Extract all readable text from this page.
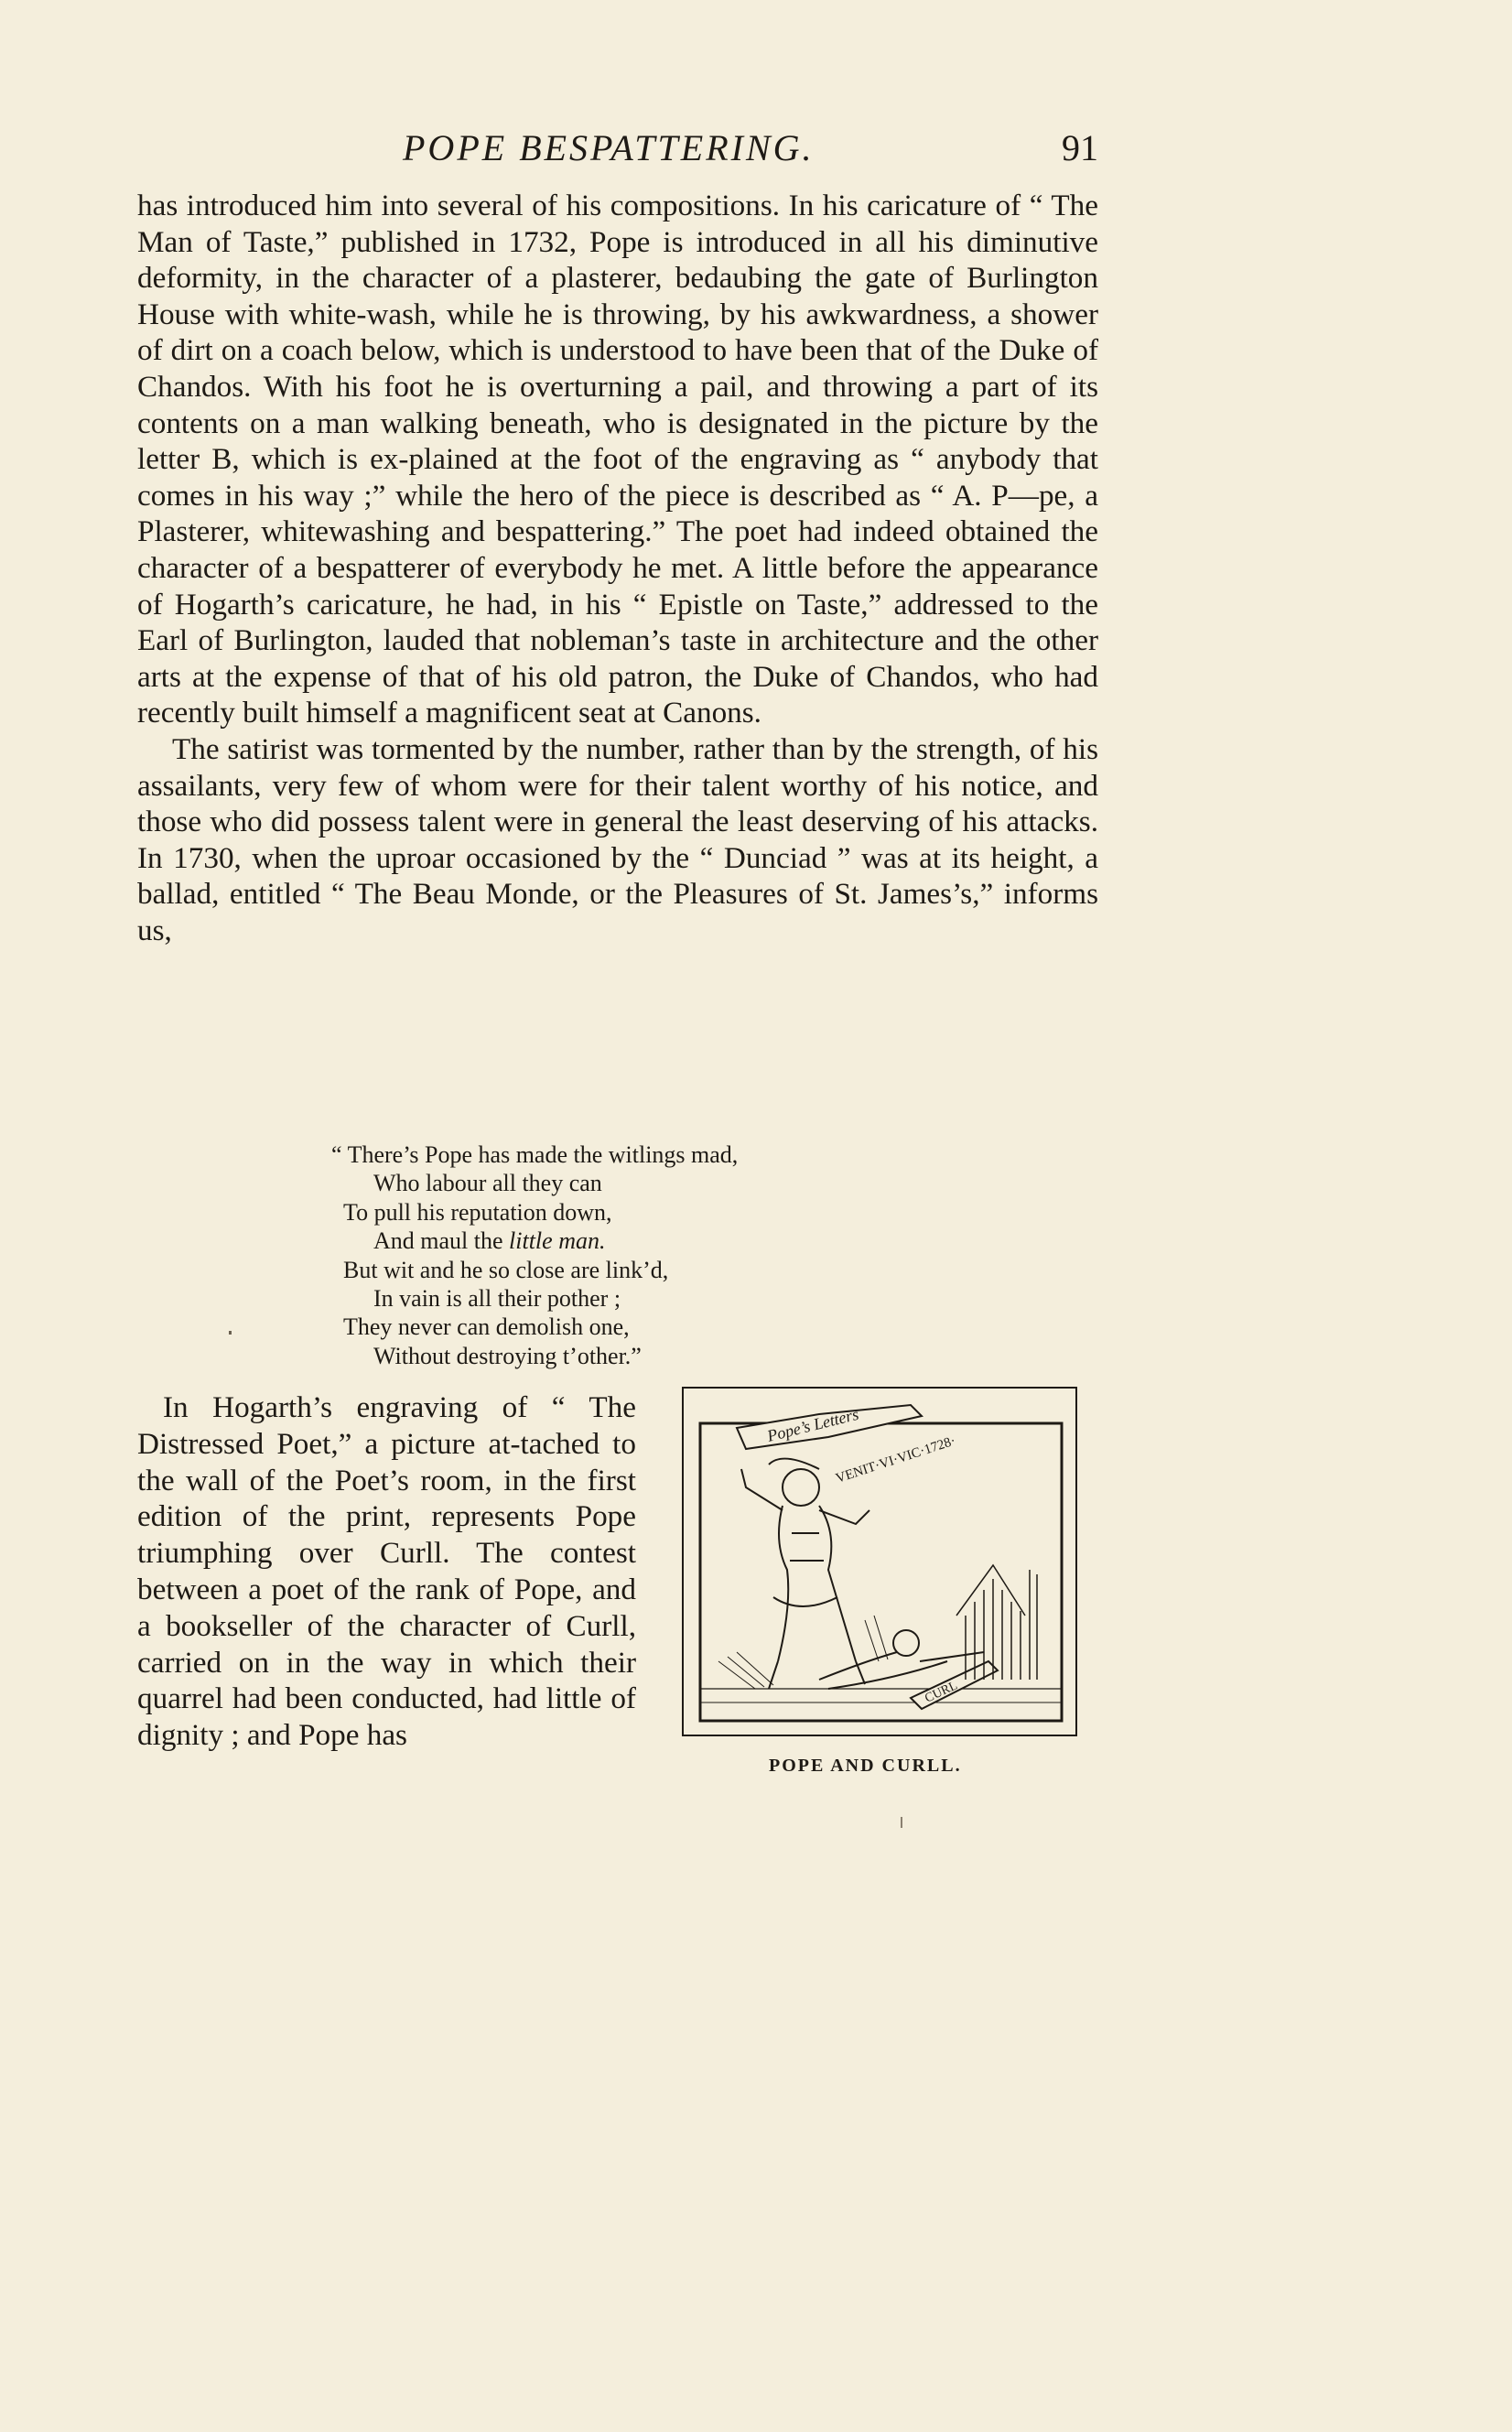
POPE BESPATTERING.	91

has introduced him into several of his compositions. In his caricature of “ The Man of Taste,” published in 1732, Pope is introduced in all his diminutive deformity, in the character of a plasterer, bedaubing the gate of Burlington House with white-wash, while he is throwing, by his awkwardness, a shower of dirt on a coach below, which is understood to have been that of the Duke of Chandos. With his foot he is overturning a pail, and throwing a part of its contents on a man walking beneath, who is designated in the picture by the letter B, which is ex-plained at the foot of the engraving as “ anybody that comes in his way ;” while the hero of the piece is described as “ A. P—pe, a Plasterer, whitewashing and bespattering.” The poet had indeed obtained the character of a bespatterer of everybody he met. A little before the appearance of Hogarth’s caricature, he had, in his “ Epistle on Taste,” addressed to the Earl of Burlington, lauded that nobleman’s taste in architecture and the other arts at the expense of that of his old patron, the Duke of Chandos, who had recently built himself a magnificent seat at Canons.

The satirist was tormented by the number, rather than by the strength, of his assailants, very few of whom were for their talent worthy of his notice, and those who did possess talent were in general the least deserving of his attacks. In 1730, when the uproar occasioned by the “ Dunciad ” was at its height, a ballad, entitled “ The Beau Monde, or the Pleasures of St. James’s,” informs us,

“ There’s Pope has made the witlings mad,
Who labour all they can
To pull his reputation down,
And maul the little man.
But wit and he so close are link’d,
In vain is all their pother ;
They never can demolish one,
Without destroying t’other.”

In Hogarth’s engraving of “ The Distressed Poet,” a picture at-tached to the wall of the Poet’s room, in the first edition of the print, represents Pope triumphing over Curll. The contest between a poet of the rank of Pope, and a bookseller of the character of Curll, carried on in the way in which their quarrel had been conducted, had little of dignity ; and Pope has

Pope’s Letters
VENIT·VI·VIC·1728·
CURL
POPE AND CURLL.
